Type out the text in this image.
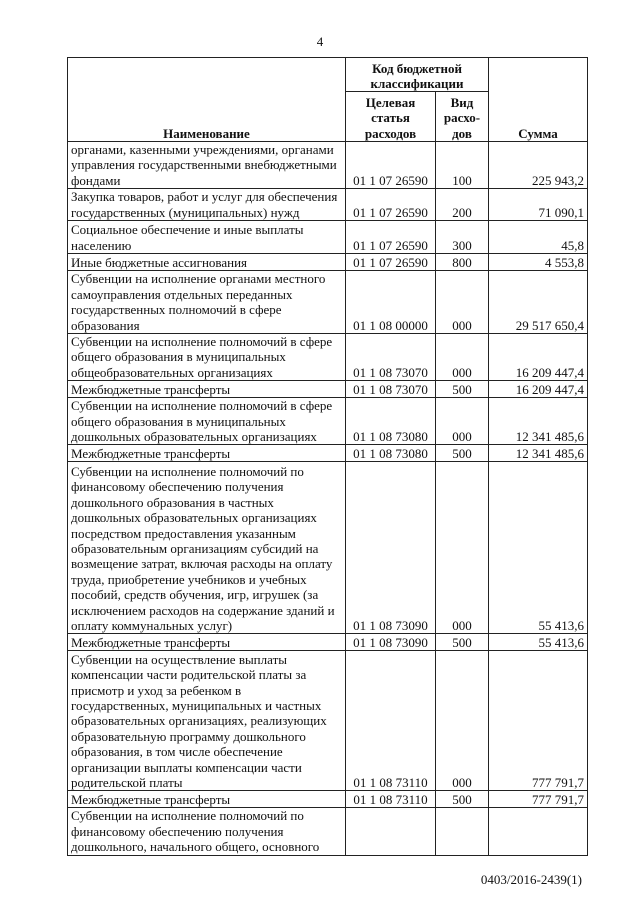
4
Наименование	Код бюджетной классификации		Сумма
	Целевая статья расходов	Вид расхо-дов	
органами, казенными учреждениями, органами управления государственными внебюджетными фондами	01 1 07 26590	100	225 943,2
Закупка товаров, работ и услуг для обеспечения государственных (муниципальных) нужд	01 1 07 26590	200	71 090,1
Социальное обеспечение и иные выплаты населению	01 1 07 26590	300	45,8
Иные бюджетные ассигнования	01 1 07 26590	800	4 553,8
Субвенции на исполнение органами местного самоуправления отдельных переданных государственных полномочий в сфере образования	01 1 08 00000	000	29 517 650,4
Субвенции на исполнение полномочий в сфере общего образования в муниципальных общеобразовательных организациях	01 1 08 73070	000	16 209 447,4
Межбюджетные трансферты	01 1 08 73070	500	16 209 447,4
Субвенции на исполнение полномочий в сфере общего образования в муниципальных дошкольных образовательных организациях	01 1 08 73080	000	12 341 485,6
Межбюджетные трансферты	01 1 08 73080	500	12 341 485,6
Субвенции на исполнение полномочий по финансовому обеспечению получения дошкольного образования в частных дошкольных образовательных организациях посредством предоставления указанным образовательным организациям субсидий на возмещение затрат, включая расходы на оплату труда, приобретение учебников и учебных пособий, средств обучения, игр, игрушек (за исключением расходов на содержание зданий и оплату коммунальных услуг)	01 1 08 73090	000	55 413,6
Межбюджетные трансферты	01 1 08 73090	500	55 413,6
Субвенции на осуществление выплаты компенсации части родительской платы за присмотр и уход за ребенком в государственных, муниципальных и частных образовательных организациях, реализующих образовательную программу дошкольного образования, в том числе обеспечение организации выплаты компенсации части родительской платы	01 1 08 73110	000	777 791,7
Межбюджетные трансферты	01 1 08 73110	500	777 791,7
Субвенции на исполнение полномочий по финансовому обеспечению получения дошкольного, начального общего, основного			
0403/2016-2439(1)
